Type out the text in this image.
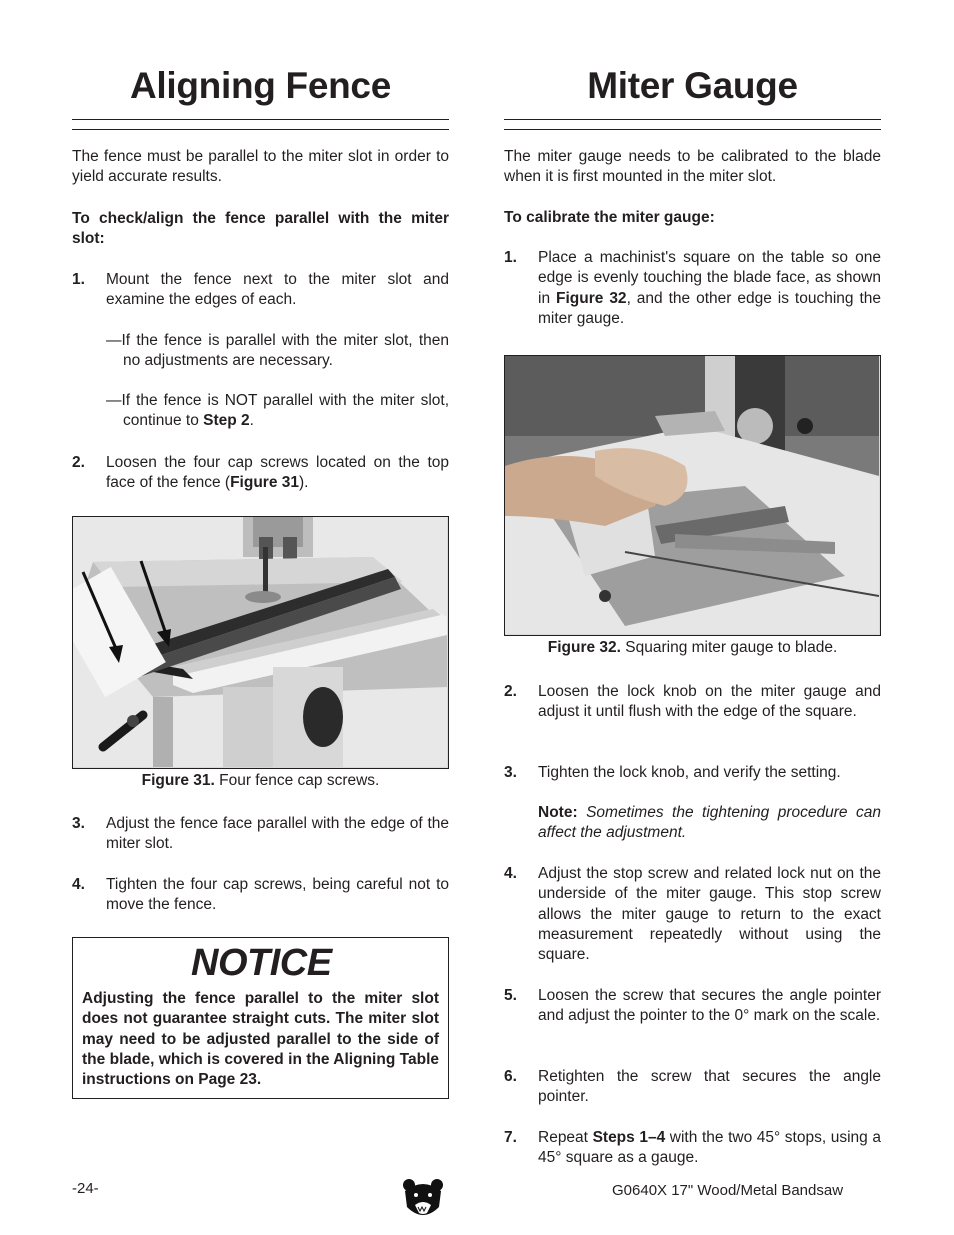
Aligning Fence

The fence must be parallel to the miter slot in order to yield accurate results.

To check/align the fence parallel with the miter slot:

1. Mount the fence next to the miter slot and examine the edges of each.
—If the fence is parallel with the miter slot, then no adjustments are necessary.
—If the fence is NOT parallel with the miter slot, continue to Step 2.
2. Loosen the four cap screws located on the top face of the fence (Figure 31).
Figure 31. Four fence cap screws.
3. Adjust the fence face parallel with the edge of the miter slot.
4. Tighten the four cap screws, being careful not to move the fence.
NOTICE
Adjusting the fence parallel to the miter slot does not guarantee straight cuts. The miter slot may need to be adjusted parallel to the side of the blade, which is covered in the Aligning Table instructions on Page 23.
Miter Gauge

The miter gauge needs to be calibrated to the blade when it is first mounted in the miter slot.

To calibrate the miter gauge:

1. Place a machinist's square on the table so one edge is evenly touching the blade face, as shown in Figure 32, and the other edge is touching the miter gauge.
Figure 32. Squaring miter gauge to blade.
2. Loosen the lock knob on the miter gauge and adjust it until flush with the edge of the square.
3. Tighten the lock knob, and verify the setting.
Note: Sometimes the tightening procedure can affect the adjustment.
4. Adjust the stop screw and related lock nut on the underside of the miter gauge. This stop screw allows the miter gauge to return to the exact measurement repeatedly without using the square.
5. Loosen the screw that secures the angle pointer and adjust the pointer to the 0° mark on the scale.
6. Retighten the screw that secures the angle pointer.
7. Repeat Steps 1–4 with the two 45° stops, using a 45° square as a gauge.
-24-	G0640X 17" Wood/Metal Bandsaw
